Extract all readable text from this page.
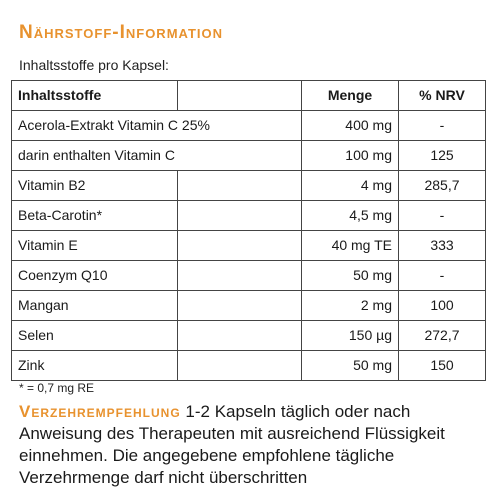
Nährstoff-Information
Inhaltsstoffe pro Kapsel:
Inhaltsstoffe		Menge	% NRV
Acerola-Extrakt Vitamin C 25%		400 mg	-
darin enthalten Vitamin C		100 mg	125
Vitamin B2		4 mg	285,7
Beta-Carotin*		4,5 mg	-
Vitamin E		40 mg TE	333
Coenzym Q10		50 mg	-
Mangan		2 mg	100
Selen		150 µg	272,7
Zink		50 mg	150
* = 0,7 mg RE
Verzehrempfehlung 1-2 Kapseln täglich oder nach Anweisung des Therapeuten mit ausreichend Flüssigkeit einnehmen. Die angegebene empfohlene tägliche Verzehrmenge darf nicht überschritten
